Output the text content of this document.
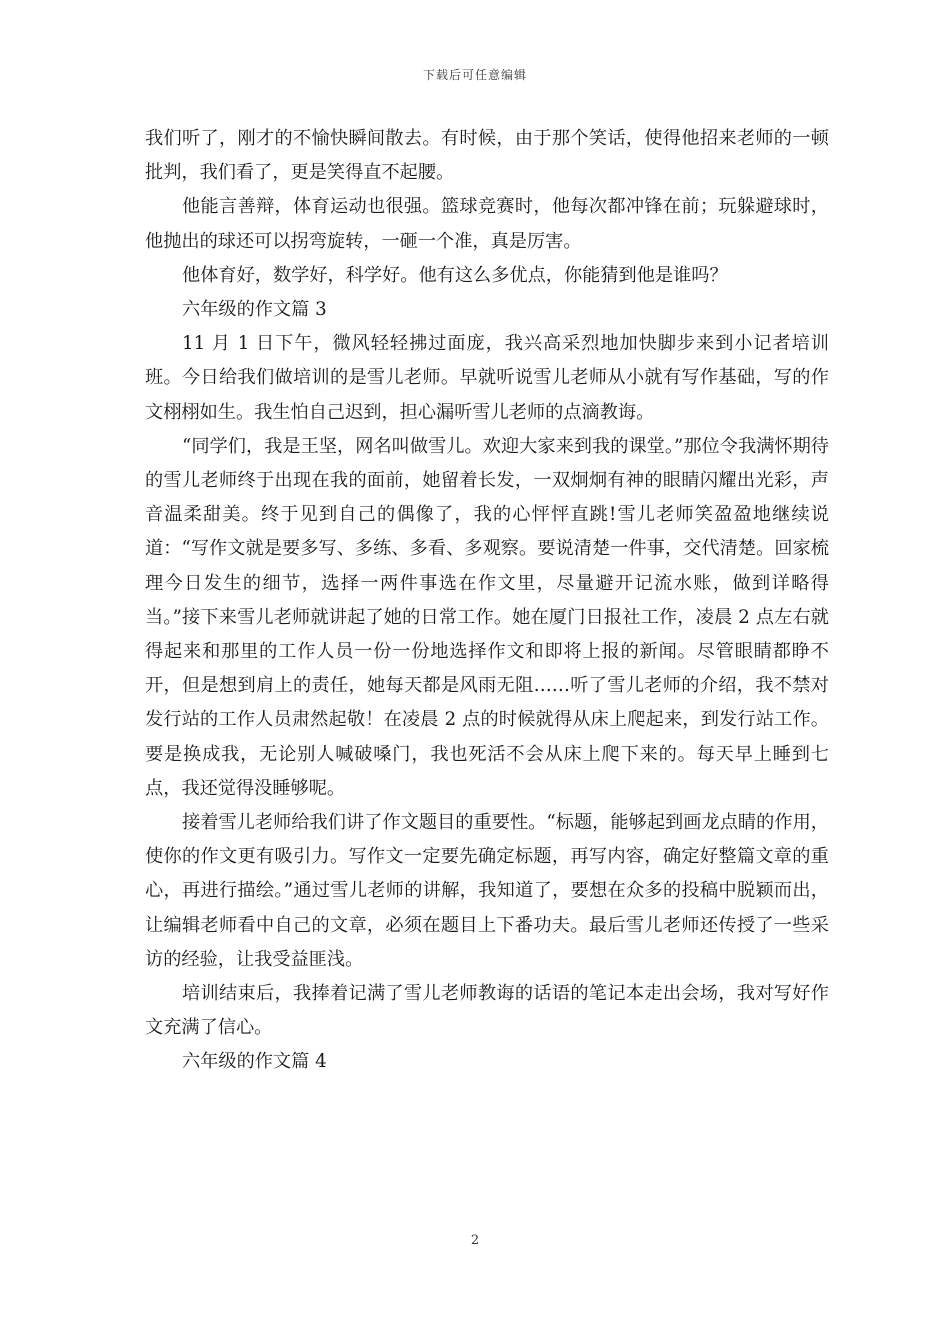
下载后可任意编辑

我们听了，刚才的不愉快瞬间散去。有时候，由于那个笑话，使得他招来老师的一顿批判，我们看了，更是笑得直不起腰。

他能言善辩，体育运动也很强。篮球竞赛时，他每次都冲锋在前；玩躲避球时，他抛出的球还可以拐弯旋转，一砸一个准，真是厉害。

他体育好，数学好，科学好。他有这么多优点，你能猜到他是谁吗？

六年级的作文篇 3

11 月 1 日下午，微风轻轻拂过面庞，我兴高采烈地加快脚步来到小记者培训班。今日给我们做培训的是雪儿老师。早就听说雪儿老师从小就有写作基础，写的作文栩栩如生。我生怕自己迟到，担心漏听雪儿老师的点滴教诲。

“同学们，我是王坚，网名叫做雪儿。欢迎大家来到我的课堂。”那位令我满怀期待的雪儿老师终于出现在我的面前，她留着长发，一双炯炯有神的眼睛闪耀出光彩，声音温柔甜美。终于见到自己的偶像了，我的心怦怦直跳!雪儿老师笑盈盈地继续说道：“写作文就是要多写、多练、多看、多观察。要说清楚一件事，交代清楚。回家梳理今日发生的细节，选择一两件事选在作文里，尽量避开记流水账，做到详略得当。”接下来雪儿老师就讲起了她的日常工作。她在厦门日报社工作，凌晨 2 点左右就得起来和那里的工作人员一份一份地选择作文和即将上报的新闻。尽管眼睛都睁不开，但是想到肩上的责任，她每天都是风雨无阻……听了雪儿老师的介绍，我不禁对发行站的工作人员肃然起敬！在凌晨 2 点的时候就得从床上爬起来，到发行站工作。要是换成我，无论别人喊破嗓门，我也死活不会从床上爬下来的。每天早上睡到七点，我还觉得没睡够呢。

接着雪儿老师给我们讲了作文题目的重要性。“标题，能够起到画龙点睛的作用，使你的作文更有吸引力。写作文一定要先确定标题，再写内容，确定好整篇文章的重心，再进行描绘。”通过雪儿老师的讲解，我知道了，要想在众多的投稿中脱颖而出，让编辑老师看中自己的文章，必须在题目上下番功夫。最后雪儿老师还传授了一些采访的经验，让我受益匪浅。

培训结束后，我捧着记满了雪儿老师教诲的话语的笔记本走出会场，我对写好作文充满了信心。

六年级的作文篇 4

2
